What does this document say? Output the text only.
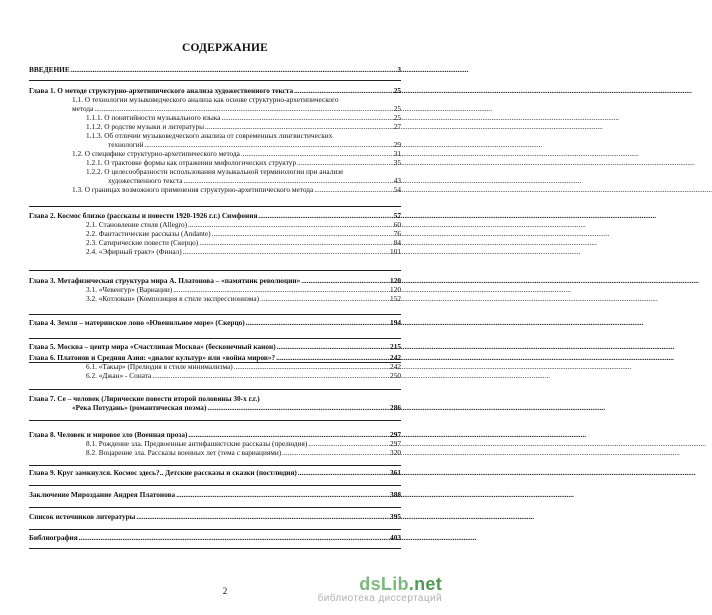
СОДЕРЖАНИЕ
ВВЕДЕНИЕ .....	3
Глава 1. О методе структурно-архетипического анализа художественного текста .....	25
1.1. О технологии музыковедческого анализа как основе структурно-архетипического
метода .....	25
1.1.1. О понятийности музыкального языка .....	25
1.1.2. О родстве музыки и литературы .....	27
1.1.3. Об отличии музыковедческого анализа от современных лингвистических
технологий .....	29
1.2. О специфике структурно-архетипического метода .....	31
1.2.1. О трактовке формы как отражении мифологических структур .....	35
1.2.2. О целесообразности использования музыкальной терминологии при анализе
художественного текста .....	43
1.3. О границах возможного применения структурно-архетипического метода .....	54
Глава 2. Космос близко (рассказы и повести 1920-1926 г.г.) Симфония .....	57
2.1. Становление стиля (Allegro) .....	60
2.2. Фантастические рассказы (Andante) .....	76
2.3. Сатирические повести (Скерцо) .....	84
2.4. «Эфирный тракт» (Финал) .....	101
Глава 3. Метафизическая структура мира А. Платонова – «памятник революции» .....	120
3.1. «Чевенгур» (Вариации) .....	120
3.2. «Котлован» (Композиция в стиле экспрессионизма) .....	152
Глава 4. Земля – материнское лоно «Ювенильное море» (Скерцо) .....	194
Глава 5. Москва – центр мира «Счастливая Москва» (бесконечный канон) .....	215
Глава 6. Платонов и Средняя Азия: «диалог культур» или «война миров»? .....	242
6.1. «Такыр» (Прелюдия в стиле минимализма) .....	242
6.2. «Джан» - Соната .....	250
Глава 7. Се – человек (Лирические повести второй половины 30-х г.г.)
«Река Потудань» (романтическая поэма) .....	286
Глава 8. Человек и мировое зло (Военная проза) .....	297
8.1. Рождение зла. Предвоенные антифашистские рассказы (прелюдия) .....	297
8.2. Воцарение зла. Рассказы военных лет (тема с вариациями) .....	320
Глава 9. Круг замкнулся. Космос здесь?.. Детские рассказы и сказки (постлюдия) .....	361
Заключение Мироздание Андрея Платонова .....	388
Список источников литературы .....	395
Библиография .....	403
2	dsLib.net
библиотека диссертаций
